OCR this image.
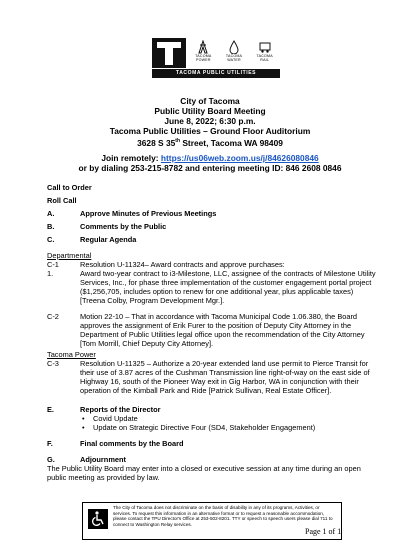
TACOMA
POWER
TACOMA
WATER
TACOMA
RAIL
TACOMA PUBLIC UTILITIES
City of Tacoma
Public Utility Board Meeting
June 8, 2022; 6:30 p.m.
Tacoma Public Utilities – Ground Floor Auditorium
3628 S 35th Street, Tacoma WA 98409
Join remotely: https://us06web.zoom.us/j/84626080846
or by dialing 253-215-8782 and entering meeting ID: 846 2608 0846
Call to Order
Roll Call
A.	Approve Minutes of Previous Meetings
B.	Comments by the Public
C.	Regular Agenda
Departmental
C-1	Resolution U-11324– Award contracts and approve purchases:
1.	Award two-year contract to i3-Milestone, LLC, assignee of the contracts of Milestone Utility Services, Inc., for phase three implementation of the customer engagement portal project ($1,256,705, includes option to renew for one additional year, plus applicable taxes) [Treena Colby, Program Development Mgr.].
C-2	Motion 22-10 – That in accordance with Tacoma Municipal Code 1.06.380, the Board approves the assignment of Erik Furer to the position of Deputy City Attorney in the Department of Public Utilities legal office upon the recommendation of the City Attorney [Tom Morrill, Chief Deputy City Attorney].
Tacoma Power
C-3	Resolution U-11325 – Authorize a 20-year extended land use permit to Pierce Transit for their use of 3.87 acres of the Cushman Transmission line right-of-way on the east side of Highway 16, south of the Pioneer Way exit in Gig Harbor, WA in conjunction with their operation of the Kimball Park and Ride [Patrick Sullivan, Real Estate Officer].
E.	Reports of the Director
• Covid Update
• Update on Strategic Directive Four (SD4, Stakeholder Engagement)
F.	Final comments by the Board
G.	Adjournment
The Public Utility Board may enter into a closed or executive session at any time during an open public meeting as provided by law.
The City of Tacoma does not discriminate on the basis of disability in any of its programs, Activities, or services. To request this information in an alternative format or to request a reasonable accommodation, please contact the TPU Director's Office at 253-502-8201. TTY or speech to speech users please dial 711 to connect to Washington Relay services.
Page 1 of 1
